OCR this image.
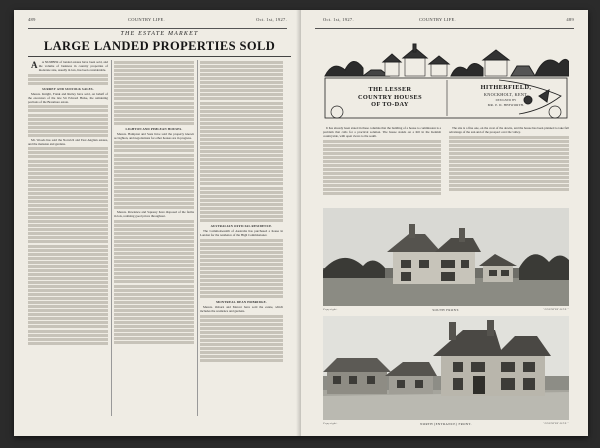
489	COUNTRY LIFE.	Oct. 1st, 1927.
THE ESTATE MARKET
LARGE LANDED PROPERTIES SOLD

A A NUMBER of landed estates have been sold, and the volume of business in country properties of moderate size, usually in lots, has been considerable.

SURREY AND SUFFOLK SALES.

Messrs. Knight, Frank and Rutley have sold, on behalf of the executors of the late Sir Edward Hulse, the remaining portions of the Breamore estate.

Mr. Woods has sold the Norwich and East Anglian estates, and the mansion and gardens.

LIGHTON AND PIMLEAN HOUSES.

Messrs. Hampton and Sons have sold the property known as Lighton, and negotiations for other houses are in progress.

Messrs. Rawlence and Squarey have disposed of the farms in lots, realising good prices throughout.

AUSTRALIAN OFFICIAL RESIDENCE.

The Commonwealth of Australia has purchased a house in London for the residence of the High Commissioner.

MONTREAL DEAN HOBRIDGE.

Messrs. Osborn and Mercer have sold the estate, which includes the residence and gardens.

Oct. 1st, 1927.	COUNTRY LIFE.	489
THE LESSER
COUNTRY HOUSES
OF TO-DAY
HITHERFIELD,
KNOCKHOLT, KENT.
DESIGNED BY
MR. P. D. HEPWORTH.

It has already been stated in these columns that the building of a house to commission is a problem that calls for a practical solution. The house stands on a hill in the Kentish countryside, with open views to the south.

The site is a fine one, on the crest of the downs, and the house has been planned to take full advantage of the sun and of the prospect over the valley.

Copyright.	SOUTH FRONT.	"COUNTRY LIFE."
Copyright.	NORTH (ENTRANCE) FRONT.	"COUNTRY LIFE."
